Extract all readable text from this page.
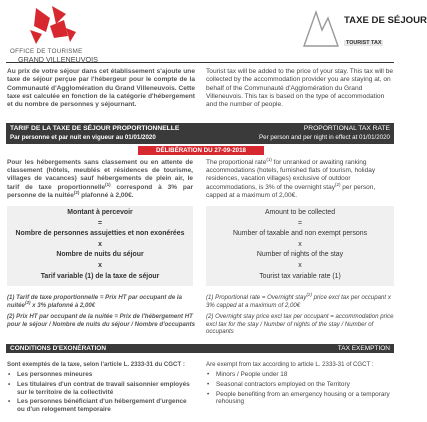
OFFICE DE TOURISME
GRAND VILLENEUVOIS
TAXE DE SÉJOUR
TOURIST TAX

Au prix de votre séjour dans cet établissement s'ajoute une taxe de séjour perçue par l'hébergeur pour le compte de la Communauté d'Agglomération du Grand Villeneuvois. Cette taxe est calculée en fonction de la catégorie d'hébergement et du nombre de personnes y séjournant.

Tourist tax will be added to the price of your stay. This tax will be collected by the accommodation provider you are staying at, on behalf of the Communauté d'Agglomération du Grand Villeneuvois. This tax is based on the type of accommodation and the number of people.

TARIF DE LA TAXE DE SÉJOUR PROPORTIONNELLE
Par personne et par nuit en vigueur au 01/01/2020
PROPORTIONAL TAX RATE
Per person and per night in effect at 01/01/2020
DÉLIBÉRATION DU 27-09-2018

Pour les hébergements sans classement ou en attente de classement (hôtels, meublés et résidences de tourisme, villages de vacances) sauf hébergements de plein air, le tarif de taxe proportionnelle$^{(1)}$ correspond à 3% par personne de la nuitée$^{(2)}$ plafonné à 2,00€.

The proportional rate$^{(1)}$ for unranked or awaiting ranking accommodations (hotels, furnished flats of tourism, holiday residences, vacation villages) exclusive of outdoor accommodations, is 3% of the overnight stay$^{(2)}$ per person, capped at a maximum of 2,00€.

Montant à percevoir
=
Nombre de personnes assujetties et non exonérées
x
Nombre de nuits du séjour
x
Tarif variable (1) de la taxe de séjour
Amount to be collected
=
Number of taxable and non exempt persons
x
Number of nights of the stay
x
Tourist tax variable rate (1)

(1) Tarif de taxe proportionnelle = Prix HT par occupant de la nuitée$^{(2)}$ x 3% plafonné à 2,00€

(2) Prix HT par occupant de la nuitée = Prix de l'hébergement HT pour le séjour / Nombre de nuits du séjour / Nombre d'occupants

(1) Proportional rate = Overnight stay$^{(2)}$ price excl tax per occupant x 3% capped at a maximum of 2,00€

(2) Overnight stay price excl tax per occupant = accommodation price excl tax for the stay / Number of nights of the stay / Number of occupants

CONDITIONS D'EXONÉRATION	TAX EXEMPTION
Sont exemptés de la taxe, selon l'article L. 2333-31 du CGCT :	Are exempt from tax according to article L. 2333-31 of CGCT :
• Les personnes mineures
• Les titulaires d'un contrat de travail saisonnier employés sur le territoire de la collectivité
• Les personnes bénéficiant d'un hébergement d'urgence ou d'un relogement temporaire
• Minors / People under 18
• Seasonal contractors employed on the Territory
• People benefiting from an emergency housing or a temporary rehousing
